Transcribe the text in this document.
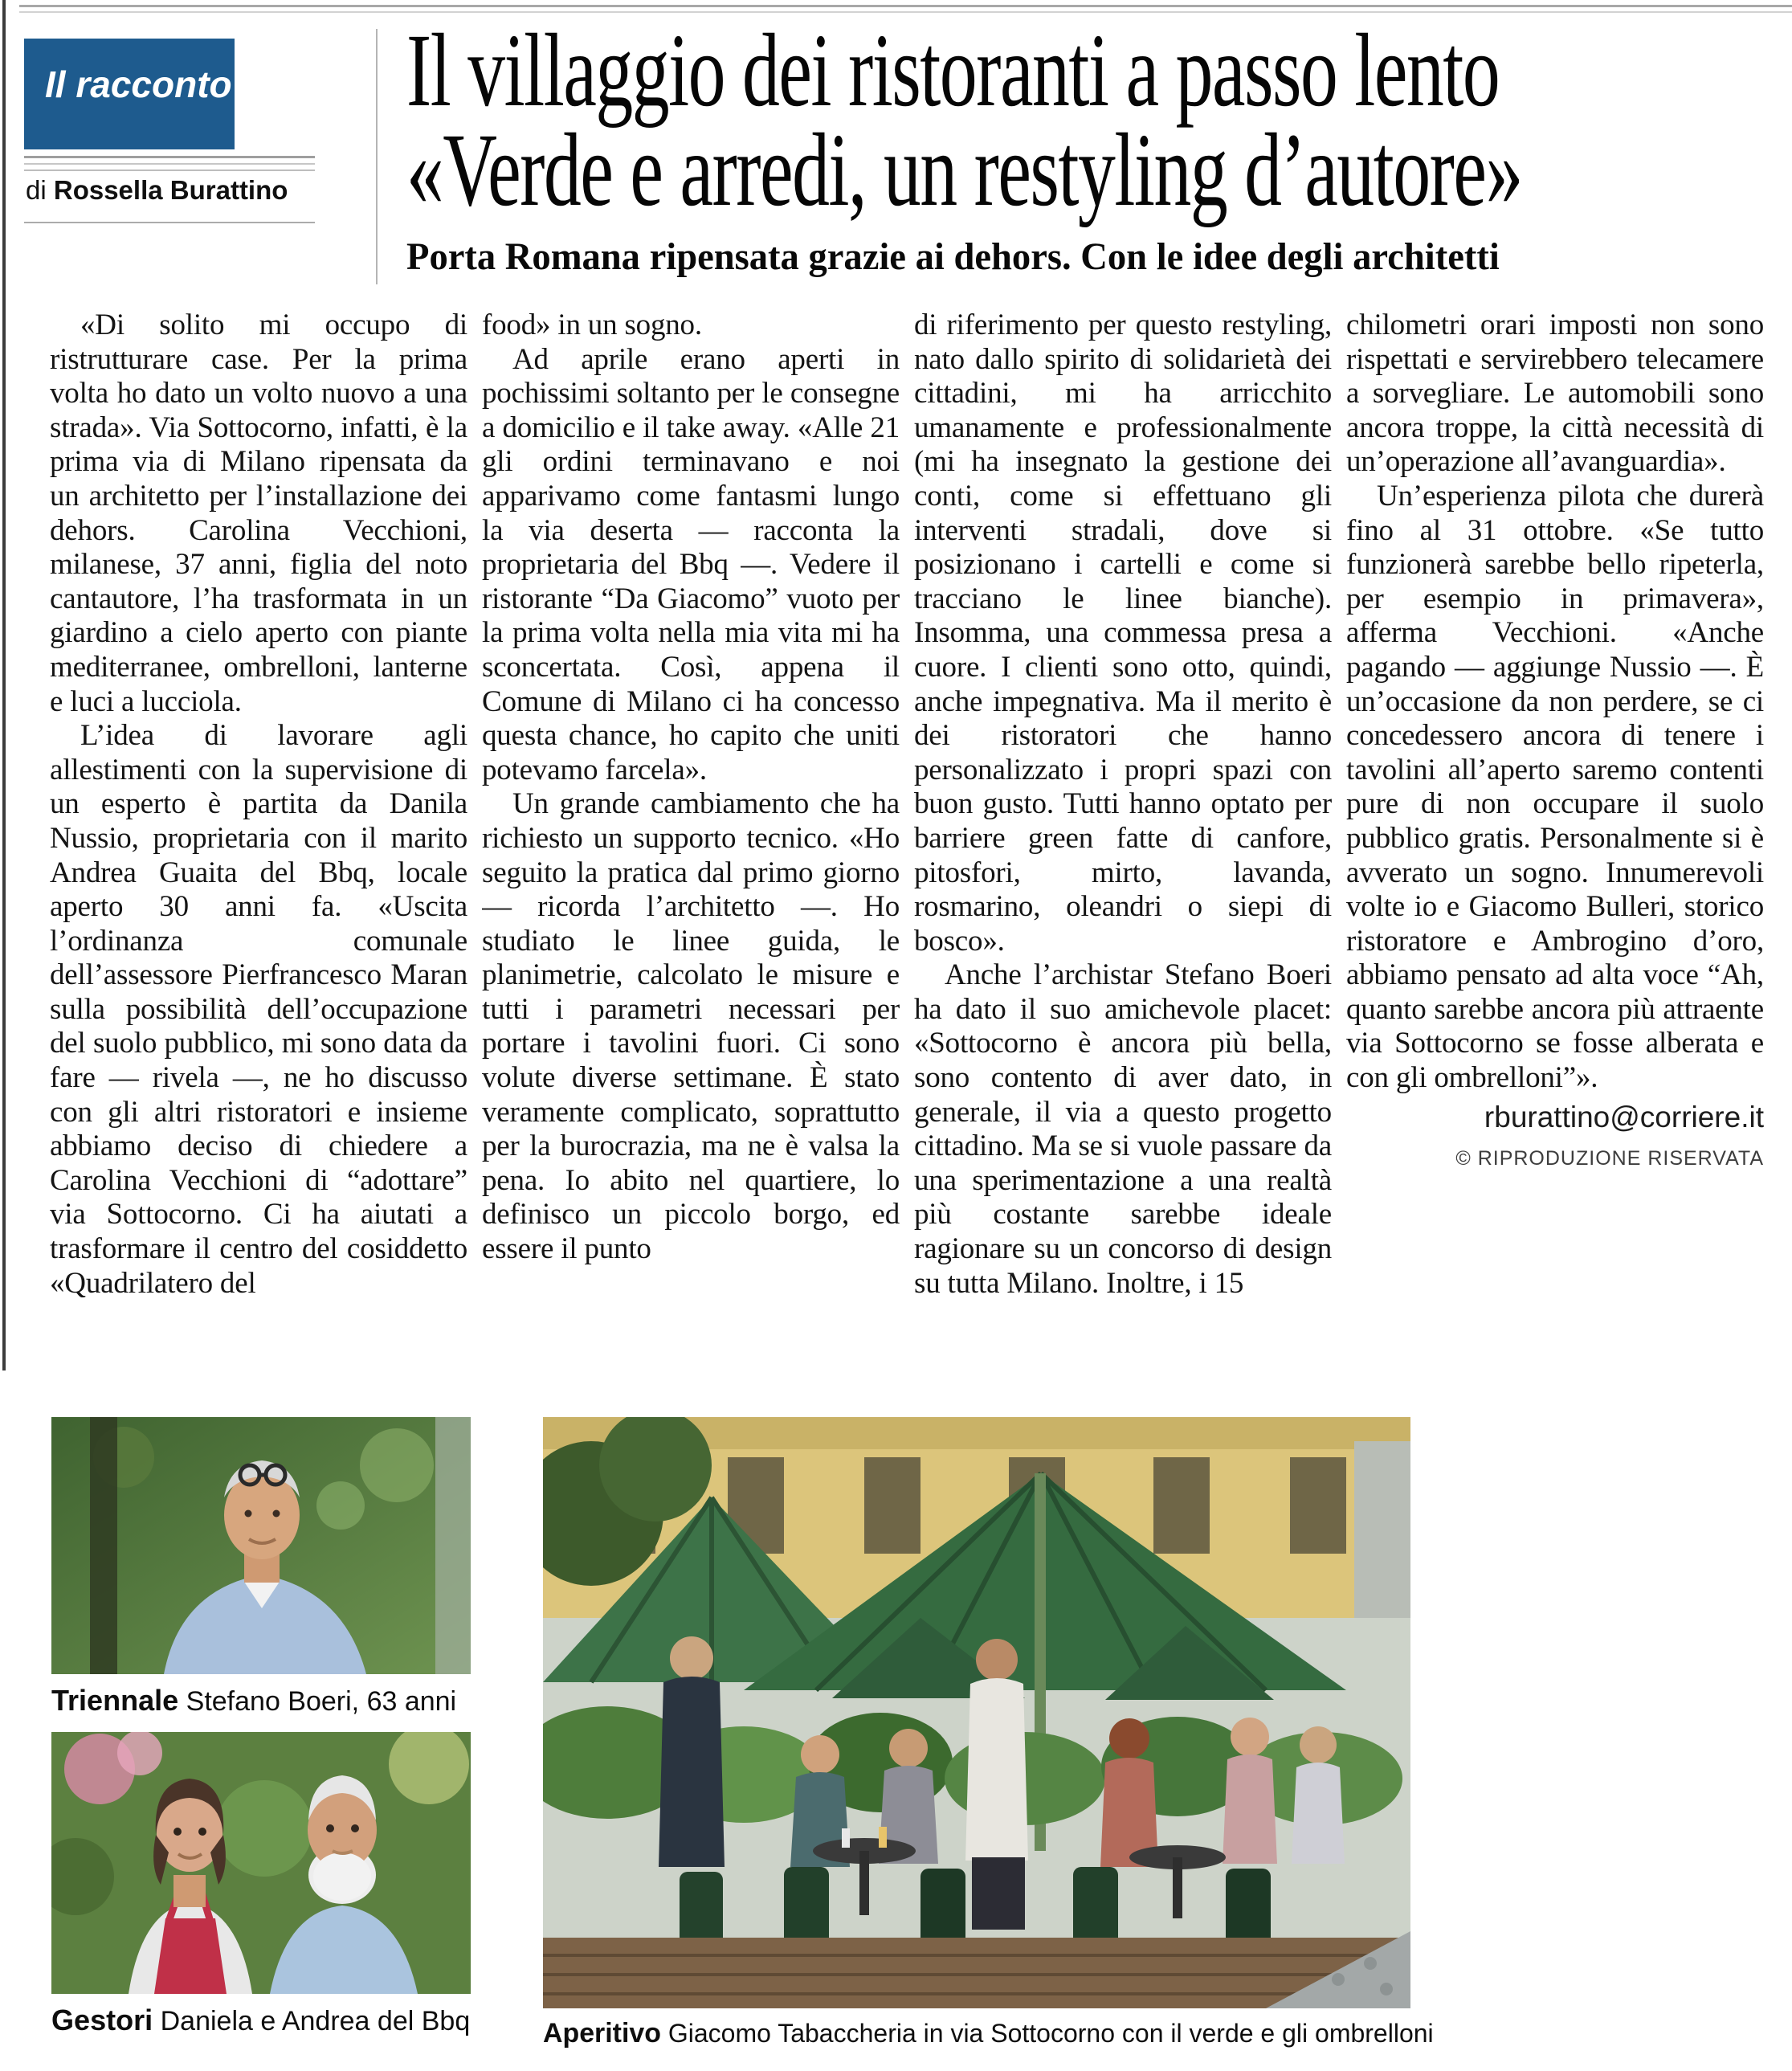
Il racconto
di Rossella Burattino
Il villaggio dei ristoranti a passo lento
«Verde e arredi, un restyling d’autore»
Porta Romana ripensata grazie ai dehors. Con le idee degli architetti

«Di solito mi occupo di ristrutturare case. Per la prima volta ho dato un volto nuovo a una strada». Via Sottocorno, infatti, è la prima via di Milano ripensata da un architetto per l’installazione dei dehors. Carolina Vecchioni, milanese, 37 anni, figlia del noto cantautore, l’ha trasformata in un giardino a cielo aperto con piante mediterranee, ombrelloni, lanterne e luci a lucciola.

L’idea di lavorare agli allestimenti con la supervisione di un esperto è partita da Danila Nussio, proprietaria con il marito Andrea Guaita del Bbq, locale aperto 30 anni fa. «Uscita l’ordinanza comunale dell’assessore Pierfrancesco Maran sulla possibilità dell’occupazione del suolo pubblico, mi sono data da fare — rivela —, ne ho discusso con gli altri ristoratori e insieme abbiamo deciso di chiedere a Carolina Vecchioni di “adottare” via Sottocorno. Ci ha aiutati a trasformare il centro del cosiddetto «Quadrilatero del

food» in un sogno.

Ad aprile erano aperti in pochissimi soltanto per le consegne a domicilio e il take away. «Alle 21 gli ordini terminavano e noi apparivamo come fantasmi lungo la via deserta — racconta la proprietaria del Bbq —. Vedere il ristorante “Da Giacomo” vuoto per la prima volta nella mia vita mi ha sconcertata. Così, appena il Comune di Milano ci ha concesso questa chance, ho capito che uniti potevamo farcela».

Un grande cambiamento che ha richiesto un supporto tecnico. «Ho seguito la pratica dal primo giorno — ricorda l’architetto —. Ho studiato le linee guida, le planimetrie, calcolato le misure e tutti i parametri necessari per portare i tavolini fuori. Ci sono volute diverse settimane. È stato veramente complicato, soprattutto per la burocrazia, ma ne è valsa la pena. Io abito nel quartiere, lo definisco un piccolo borgo, ed essere il punto

di riferimento per questo restyling, nato dallo spirito di solidarietà dei cittadini, mi ha arricchito umanamente e professionalmente (mi ha insegnato la gestione dei conti, come si effettuano gli interventi stradali, dove si posizionano i cartelli e come si tracciano le linee bianche). Insomma, una commessa presa a cuore. I clienti sono otto, quindi, anche impegnativa. Ma il merito è dei ristoratori che hanno personalizzato i propri spazi con buon gusto. Tutti hanno optato per barriere green fatte di canfore, pitosfori, mirto, lavanda, rosmarino, oleandri o siepi di bosco».

Anche l’archistar Stefano Boeri ha dato il suo amichevole placet: «Sottocorno è ancora più bella, sono contento di aver dato, in generale, il via a questo progetto cittadino. Ma se si vuole passare da una sperimentazione a una realtà più costante sarebbe ideale ragionare su un concorso di design su tutta Milano. Inoltre, i 15

chilometri orari imposti non sono rispettati e servirebbero telecamere a sorvegliare. Le automobili sono ancora troppe, la città necessità di un’operazione all’avanguardia».

Un’esperienza pilota che durerà fino al 31 ottobre. «Se tutto funzionerà sarebbe bello ripeterla, per esempio in primavera», afferma Vecchioni. «Anche pagando — aggiunge Nussio —. È un’occasione da non perdere, se ci concedessero ancora di tenere i tavolini all’aperto saremo contenti pure di non occupare il suolo pubblico gratis. Personalmente si è avverato un sogno. Innumerevoli volte io e Giacomo Bulleri, storico ristoratore e Ambrogino d’oro, abbiamo pensato ad alta voce “Ah, quanto sarebbe ancora più attraente via Sottocorno se fosse alberata e con gli ombrelloni”».

rburattino@corriere.it
© RIPRODUZIONE RISERVATA
Triennale Stefano Boeri, 63 anni
Gestori Daniela e Andrea del Bbq	Aperitivo Giacomo Tabaccheria in via Sottocorno con il verde e gli ombrelloni
